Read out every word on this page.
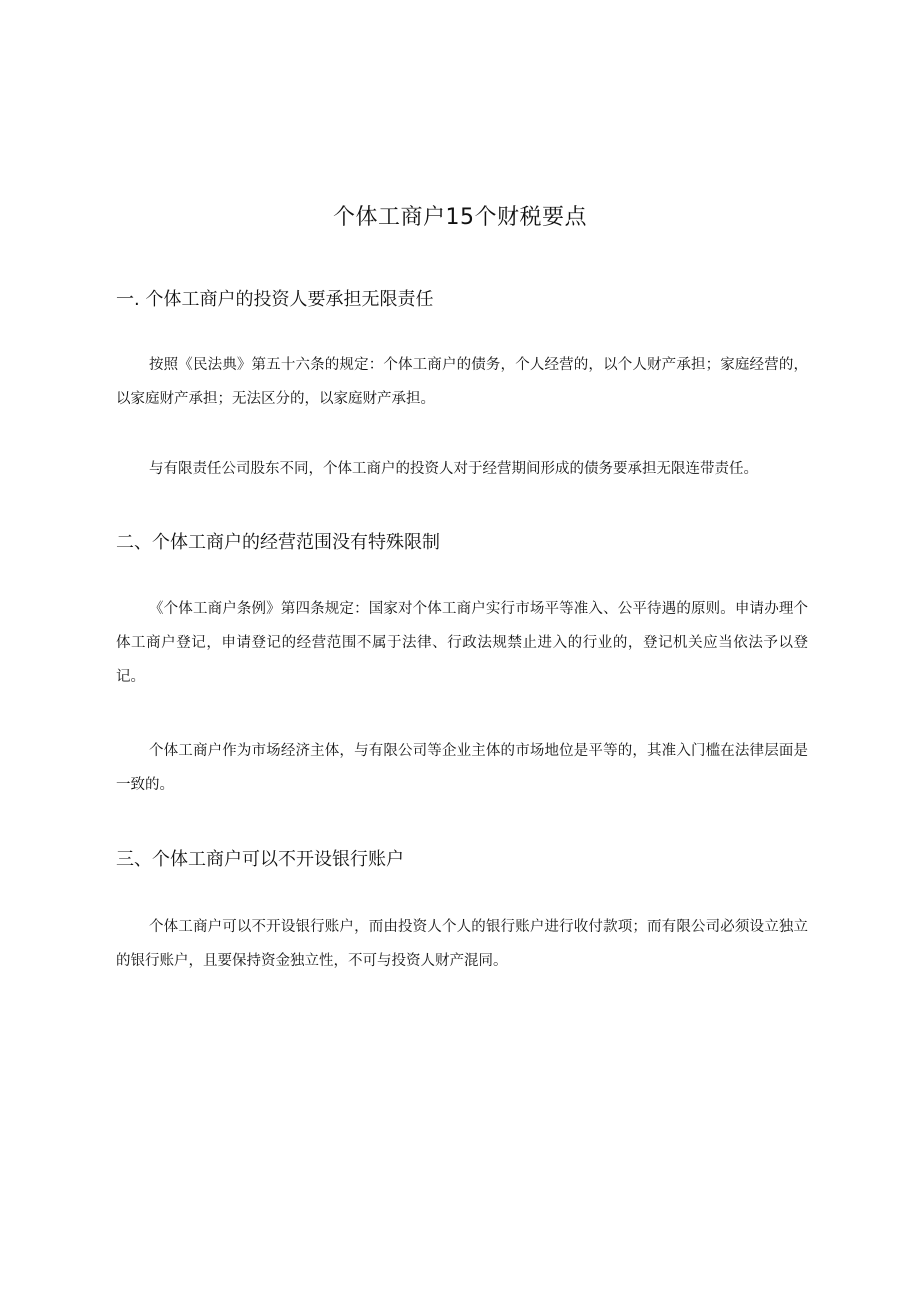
个体工商户15个财税要点
一. 个体工商户的投资人要承担无限责任
按照《民法典》第五十六条的规定：个体工商户的债务，个人经营的，以个人财产承担；家庭经营的，以家庭财产承担；无法区分的，以家庭财产承担。
与有限责任公司股东不同，个体工商户的投资人对于经营期间形成的债务要承担无限连带责任。
二、个体工商户的经营范围没有特殊限制
《个体工商户条例》第四条规定：国家对个体工商户实行市场平等准入、公平待遇的原则。申请办理个体工商户登记，申请登记的经营范围不属于法律、行政法规禁止进入的行业的，登记机关应当依法予以登记。
个体工商户作为市场经济主体，与有限公司等企业主体的市场地位是平等的，其准入门槛在法律层面是一致的。
三、个体工商户可以不开设银行账户
个体工商户可以不开设银行账户，而由投资人个人的银行账户进行收付款项；而有限公司必须设立独立的银行账户，且要保持资金独立性，不可与投资人财产混同。
